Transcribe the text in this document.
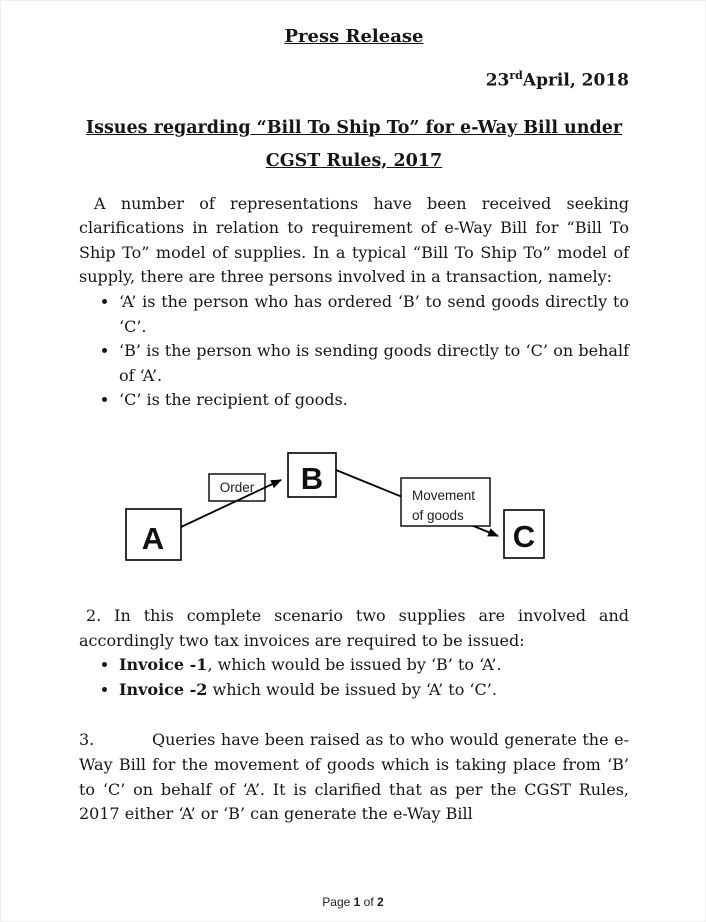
Press Release
23rdApril, 2018
Issues regarding “Bill To Ship To” for e-Way Bill under
CGST Rules, 2017

A number of representations have been received seeking clarifications in relation to requirement of e-Way Bill for “Bill To Ship To” model of supplies. In a typical “Bill To Ship To” model of supply, there are three persons involved in a transaction, namely:

• ‘A’ is the person who has ordered ‘B’ to send goods directly to ‘C’.
• ‘B’ is the person who is sending goods directly to ‘C’ on behalf of ‘A’.
• ‘C’ is the recipient of goods.
Order
Movement
of goods
A
B
C

2. In this complete scenario two supplies are involved and accordingly two tax invoices are required to be issued:

• Invoice -1, which would be issued by ‘B’ to ‘A’.
• Invoice -2 which would be issued by ‘A’ to ‘C’.

3.	Queries have been raised as to who would generate the e-Way Bill for the movement of goods which is taking place from ‘B’ to ‘C’ on behalf of ‘A’. It is clarified that as per the CGST Rules, 2017 either ‘A’ or ‘B’ can generate the e-Way Bill

Page 1 of 2
